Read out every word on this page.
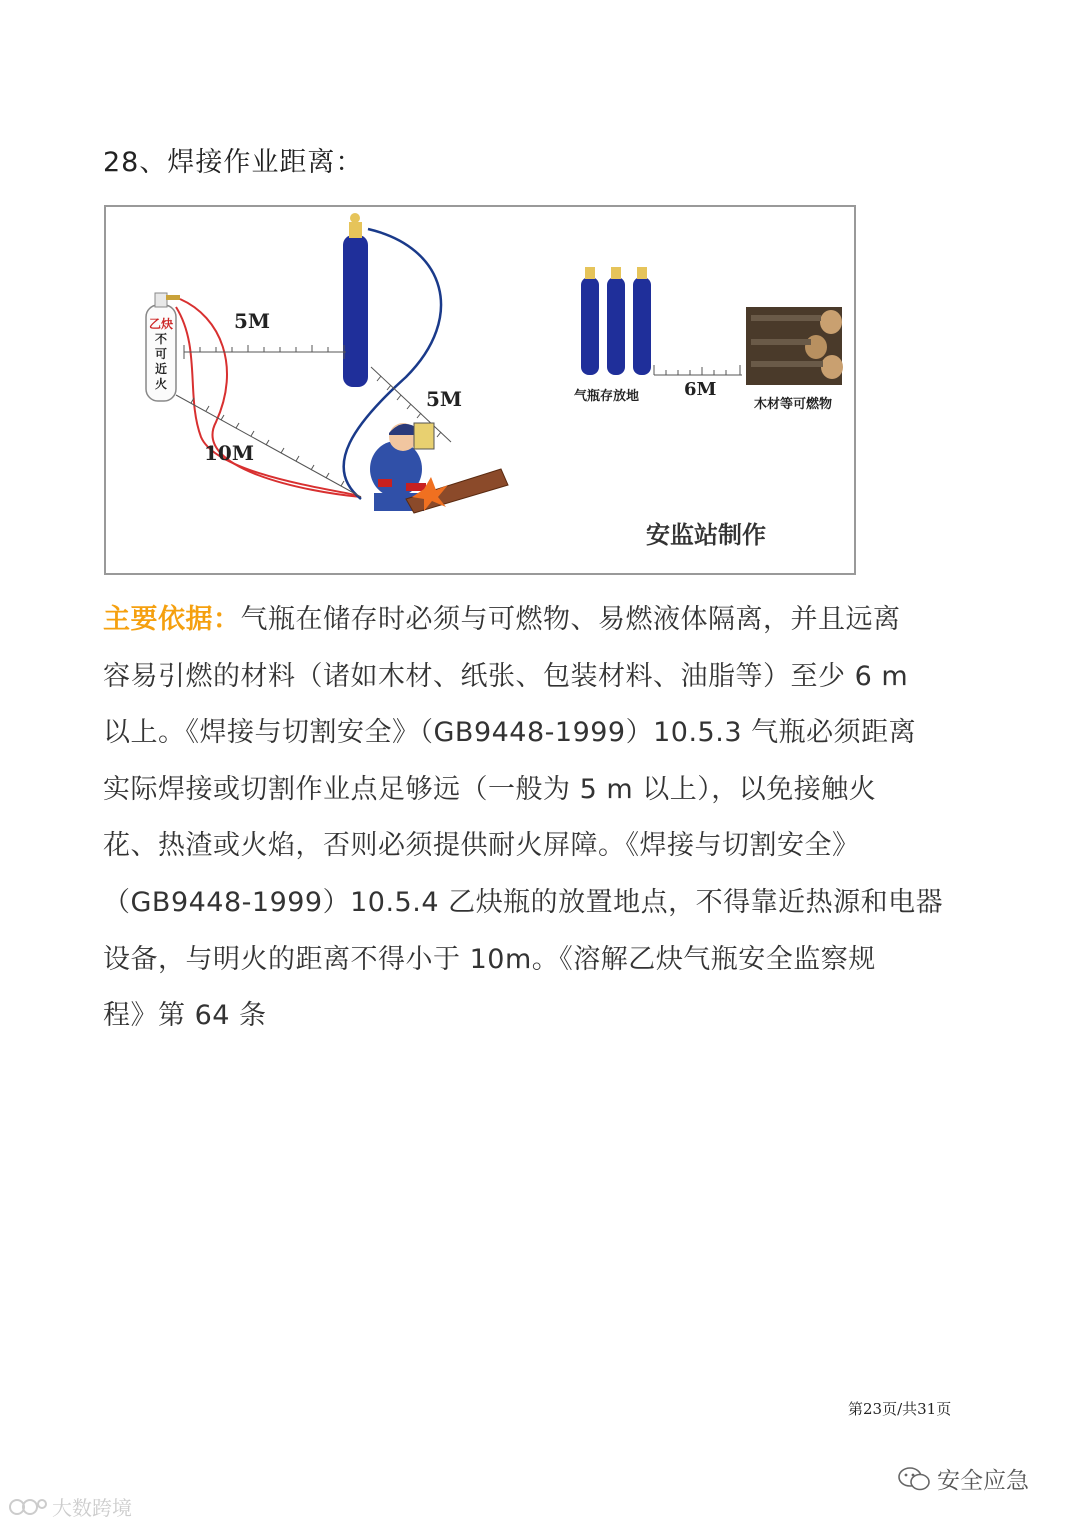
28、焊接作业距离：
乙炔
不
可
近
火
5M
5M
10M
6M
气瓶存放地
木材等可燃物
安监站制作
主要依据：气瓶在储存时必须与可燃物、易燃液体隔离，并且远离
容易引燃的材料（诸如木材、纸张、包装材料、油脂等）至少 6 m
以上。《焊接与切割安全》（GB9448-1999）10.5.3 气瓶必须距离
实际焊接或切割作业点足够远（一般为 5 m 以上），以免接触火
花、热渣或火焰，否则必须提供耐火屏障。《焊接与切割安全》
（GB9448-1999）10.5.4 乙炔瓶的放置地点，不得靠近热源和电器
设备，与明火的距离不得小于 10m。《溶解乙炔气瓶安全监察规
程》第 64 条
第23页/共31页
安全应急
大数跨境
